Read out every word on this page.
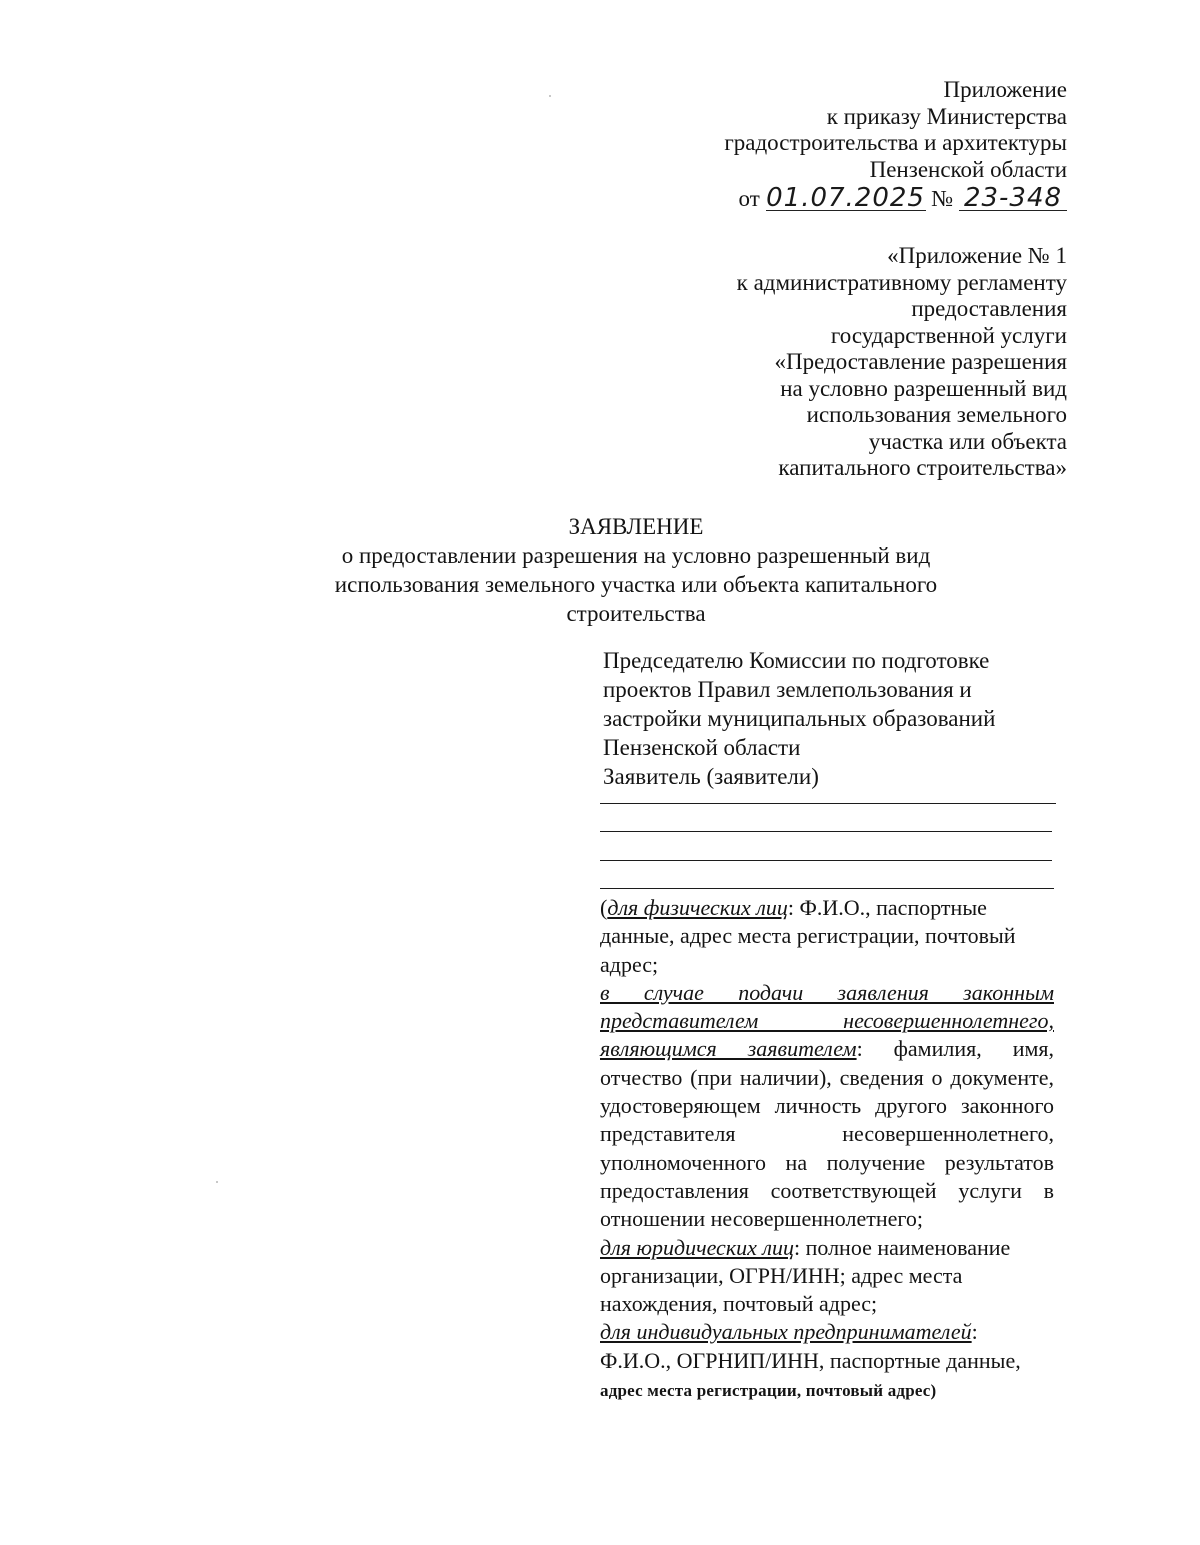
Приложение
к приказу Министерства
градостроительства и архитектуры
Пензенской области
от 01.07.2025 № 23-348
«Приложение № 1
к административному регламенту
предоставления
государственной услуги
«Предоставление разрешения
на условно разрешенный вид
использования земельного
участка или объекта
капитального строительства»
ЗАЯВЛЕНИЕ
о предоставлении разрешения на условно разрешенный вид
использования земельного участка или объекта капитального
строительства
Председателю Комиссии по подготовке
проектов Правил землепользования и
застройки муниципальных образований
Пензенской области
Заявитель (заявители)

(для физических лиц: Ф.И.О., паспортные данные, адрес места регистрации, почтовый адрес;

в случае подачи заявления законным представителем несовершеннолетнего, являющимся заявителем: фамилия, имя, отчество (при наличии), сведения о документе, удостоверяющем личность другого законного представителя несовершеннолетнего, уполномоченного на получение результатов предоставления соответствующей услуги в отношении несовершеннолетнего;

для юридических лиц: полное наименование организации, ОГРН/ИНН; адрес места нахождения, почтовый адрес;

для индивидуальных предпринимателей:
Ф.И.О., ОГРНИП/ИНН, паспортные данные,
адрес места регистрации, почтовый адрес)
